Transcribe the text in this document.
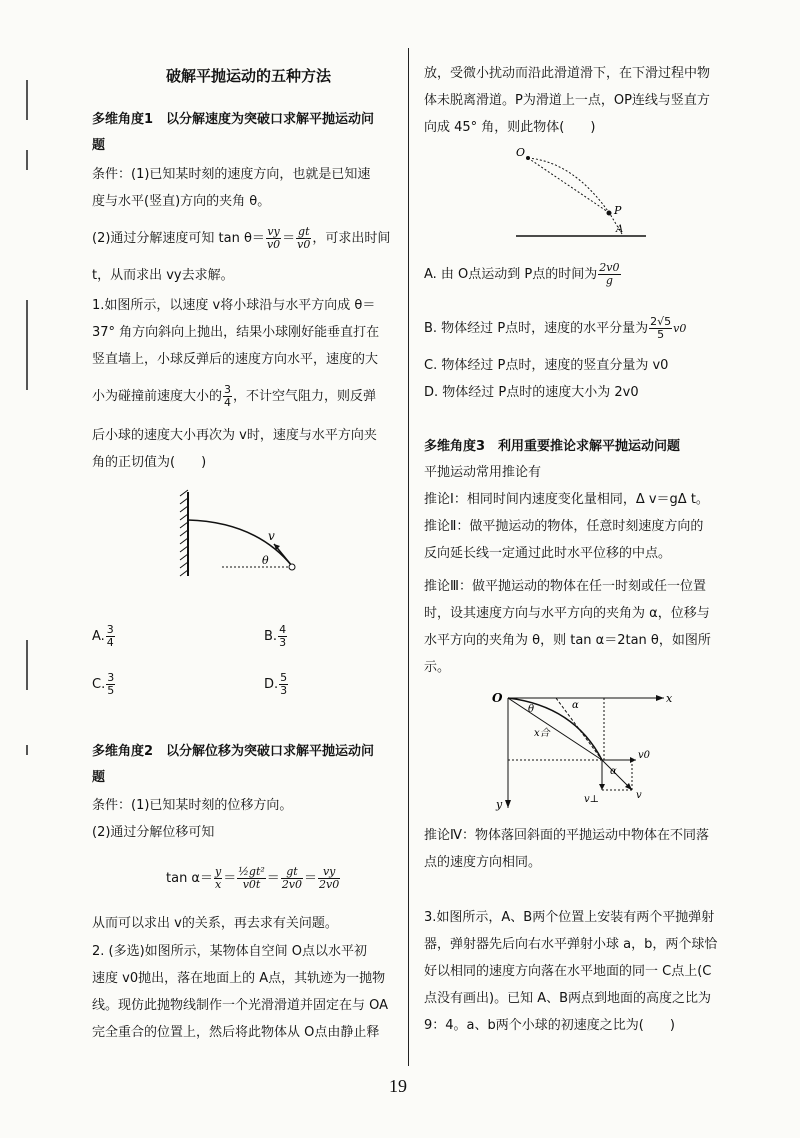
破解平抛运动的五种方法
多维角度1　以分解速度为突破口求解平抛运动问
题
条件：(1)已知某时刻的速度方向，也就是已知速
度与水平(竖直)方向的夹角 θ。
(2)通过分解速度可知 $\tan \theta= \frac{vy}{v0} = \frac{gt}{v0}$ ，可求出时间
t，从而求出 vy去求解。
1.如图所示，以速度 v将小球沿与水平方向成 θ＝
37° 角方向斜向上抛出，结果小球刚好能垂直打在
竖直墙上，小球反弹后的速度方向水平，速度的大
小为碰撞前速度大小的 $\frac{3}{4}$ ，不计空气阻力，则反弹
后小球的速度大小再次为 v时，速度与水平方向夹
角的正切值为(　　)
v
θ
A. $\frac{3}{4}$	B. $\frac{4}{3}$
C. $\frac{3}{5}$	D. $\frac{5}{3}$
多维角度2　以分解位移为突破口求解平抛运动问
题
条件：(1)已知某时刻的位移方向。
(2)通过分解位移可知
$\tan \alpha= \frac{y}{x} = \frac{\text{½gt²}}{v0t} = \frac{gt}{2v0} = \frac{vy}{2v0}$
从而可以求出 v的关系，再去求有关问题。
2. (多选)如图所示，某物体自空间 O点以水平初
速度 v0抛出，落在地面上的 A点，其轨迹为一抛物
线。现仿此抛物线制作一个光滑滑道并固定在与 OA
完全重合的位置上，然后将此物体从 O点由静止释
放，受微小扰动而沿此滑道滑下，在下滑过程中物
体未脱离滑道。P为滑道上一点，OP连线与竖直方
向成 45° 角，则此物体(　　)
O
P
A
A. 由 O点运动到 P点的时间为 $\frac{2v0}{g}$
B. 物体经过 P点时，速度的水平分量为 $\frac{2√5}{5} v0$
C. 物体经过 P点时，速度的竖直分量为 v0
D. 物体经过 P点时的速度大小为 2v0
多维角度3　利用重要推论求解平抛运动问题
平抛运动常用推论有
推论Ⅰ：相同时间内速度变化量相同，Δ v＝gΔ t。
推论Ⅱ：做平抛运动的物体，任意时刻速度方向的
反向延长线一定通过此时水平位移的中点。
推论Ⅲ：做平抛运动的物体在任一时刻或任一位置
时，设其速度方向与水平方向的夹角为 α，位移与
水平方向的夹角为 θ，则 tan α＝2tan θ，如图所
示。
O	x
y
α
θ
x合
v0
α
v⊥	v
推论Ⅳ：物体落回斜面的平抛运动中物体在不同落
点的速度方向相同。
3.如图所示，A、B两个位置上安装有两个平抛弹射
器，弹射器先后向右水平弹射小球 a，b，两个球恰
好以相同的速度方向落在水平地面的同一 C点上(C
点没有画出)。已知 A、B两点到地面的高度之比为
9：4。a、b两个小球的初速度之比为(　　)
19
